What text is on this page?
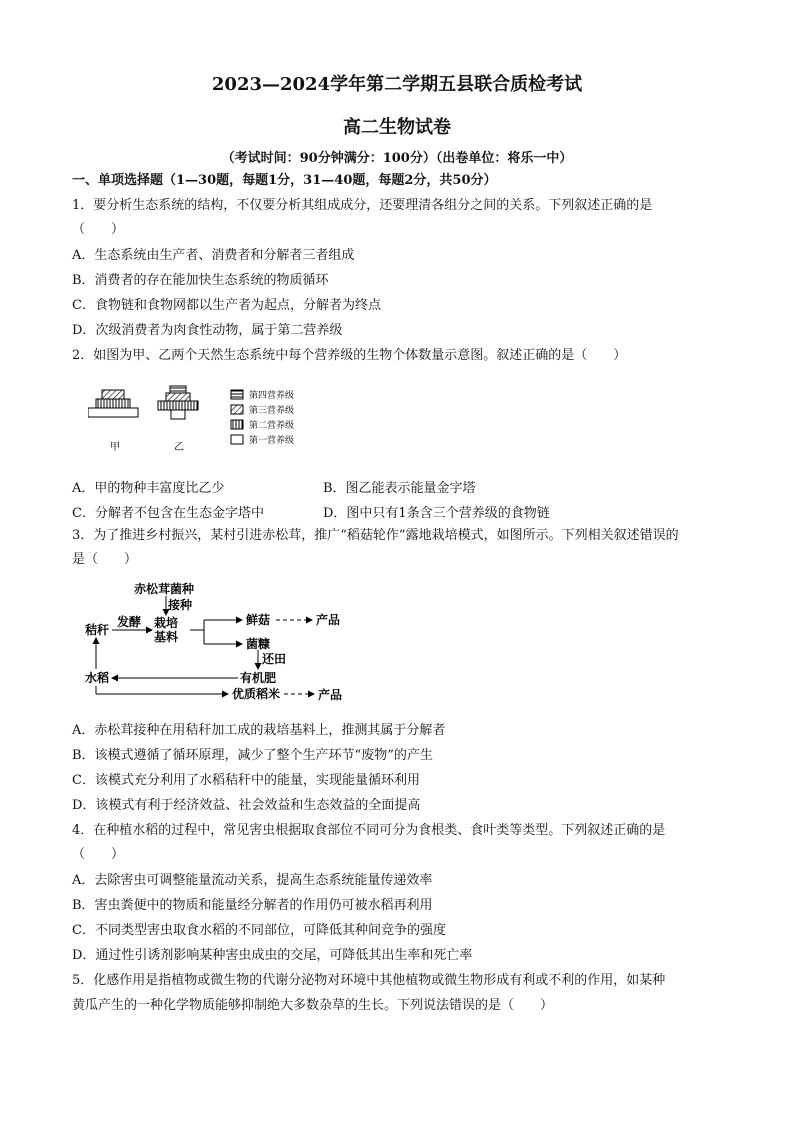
2023—2024学年第二学期五县联合质检考试
高二生物试卷
（考试时间：90分钟满分：100分）（出卷单位：将乐一中）
一、单项选择题（1—30题，每题1分，31—40题，每题2分，共50分）
1．要分析生态系统的结构，不仅要分析其组成成分，还要理清各组分之间的关系。下列叙述正确的是
（　　）
A．生态系统由生产者、消费者和分解者三者组成
B．消费者的存在能加快生态系统的物质循环
C．食物链和食物网都以生产者为起点，分解者为终点
D．次级消费者为肉食性动物，属于第二营养级
2．如图为甲、乙两个天然生态系统中每个营养级的生物个体数量示意图。叙述正确的是（　　）
第四营养级
第三营养级
第二营养级
第一营养级
甲	乙
A．甲的物种丰富度比乙少	B．图乙能表示能量金字塔
C．分解者不包含在生态金字塔中	D．图中只有1条含三个营养级的食物链
3．为了推进乡村振兴，某村引进赤松茸，推广“稻菇轮作”露地栽培模式，如图所示。下列相关叙述错误的
是（　　）
赤松茸菌种
接种
秸秆
发酵 栽培
基料
鲜菇	产品
菌糠
还田
水稻	有机肥
优质稻米	产品
A．赤松茸接种在用秸秆加工成的栽培基料上，推测其属于分解者
B．该模式遵循了循环原理，减少了整个生产环节“废物”的产生
C．该模式充分利用了水稻秸秆中的能量，实现能量循环利用
D．该模式有利于经济效益、社会效益和生态效益的全面提高
4．在种植水稻的过程中，常见害虫根据取食部位不同可分为食根类、食叶类等类型。下列叙述正确的是
（　　）
A．去除害虫可调整能量流动关系，提高生态系统能量传递效率
B．害虫粪便中的物质和能量经分解者的作用仍可被水稻再利用
C．不同类型害虫取食水稻的不同部位，可降低其种间竞争的强度
D．通过性引诱剂影响某种害虫成虫的交尾，可降低其出生率和死亡率
5．化感作用是指植物或微生物的代谢分泌物对环境中其他植物或微生物形成有利或不利的作用，如某种
黄瓜产生的一种化学物质能够抑制绝大多数杂草的生长。下列说法错误的是（　　）
